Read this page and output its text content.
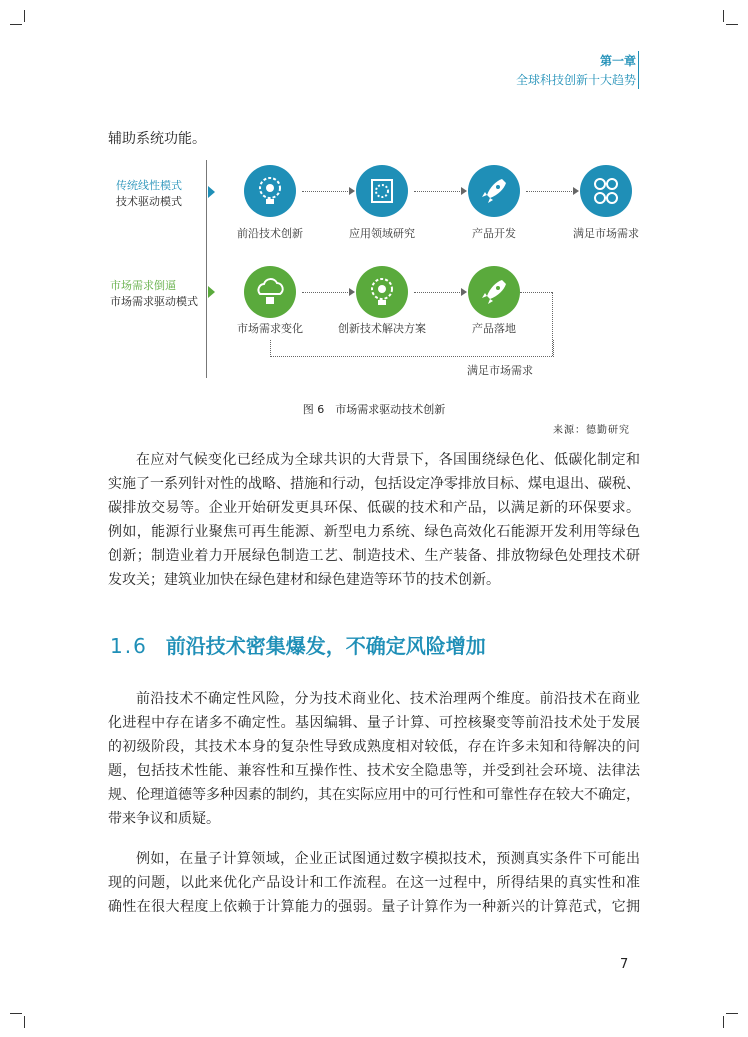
第一章
全球科技创新十大趋势

辅助系统功能。

传统线性模式
技术驱动模式
市场需求倒逼
市场需求驱动模式
前沿技术创新	应用领域研究	产品开发	满足市场需求
市场需求变化	创新技术解决方案	产品落地
满足市场需求
图 6　市场需求驱动技术创新
来源：德勤研究

在应对气候变化已经成为全球共识的大背景下，各国围绕绿色化、低碳化制定和
实施了一系列针对性的战略、措施和行动，包括设定净零排放目标、煤电退出、碳税、
碳排放交易等。企业开始研发更具环保、低碳的技术和产品，以满足新的环保要求。
例如，能源行业聚焦可再生能源、新型电力系统、绿色高效化石能源开发利用等绿色
创新；制造业着力开展绿色制造工艺、制造技术、生产装备、排放物绿色处理技术研
发攻关；建筑业加快在绿色建材和绿色建造等环节的技术创新。

1.6 前沿技术密集爆发，不确定风险增加

前沿技术不确定性风险，分为技术商业化、技术治理两个维度。前沿技术在商业
化进程中存在诸多不确定性。基因编辑、量子计算、可控核聚变等前沿技术处于发展
的初级阶段，其技术本身的复杂性导致成熟度相对较低，存在许多未知和待解决的问
题，包括技术性能、兼容性和互操作性、技术安全隐患等，并受到社会环境、法律法
规、伦理道德等多种因素的制约，其在实际应用中的可行性和可靠性存在较大不确定，
带来争议和质疑。

例如，在量子计算领域，企业正试图通过数字模拟技术，预测真实条件下可能出
现的问题，以此来优化产品设计和工作流程。在这一过程中，所得结果的真实性和准
确性在很大程度上依赖于计算能力的强弱。量子计算作为一种新兴的计算范式，它拥

7
